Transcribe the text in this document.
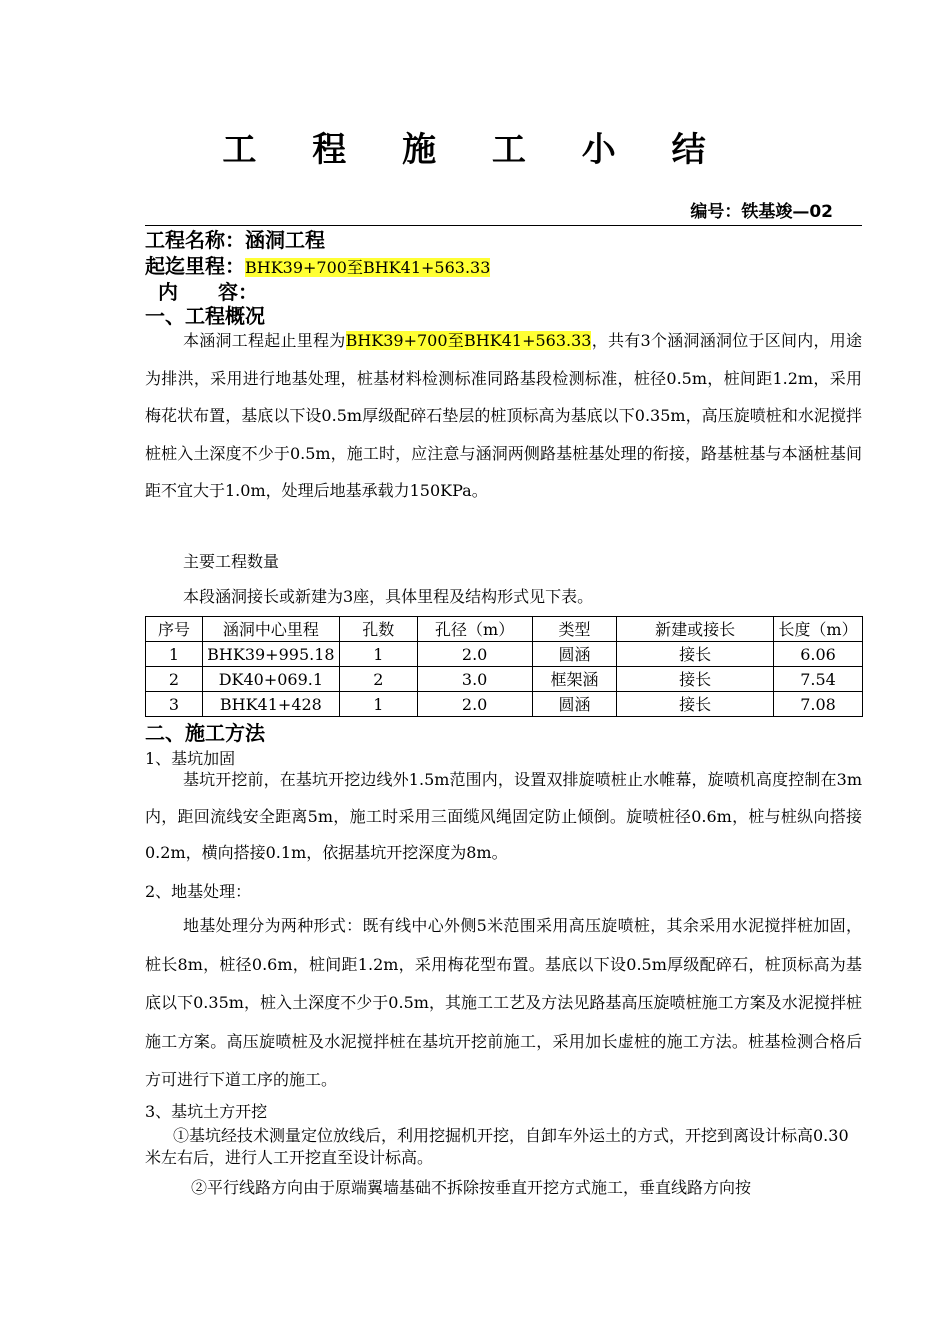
工 程 施 工 小 结
编号：铁基竣—02
工程名称：涵洞工程
起迄里程：BHK39+700至BHK41+563.33
内　　容：
一、工程概况

本涵洞工程起止里程为BHK39+700至BHK41+563.33，共有3个涵洞涵洞位于区间内，用途为排洪，采用进行地基处理，桩基材料检测标准同路基段检测标准，桩径0.5m，桩间距1.2m，采用梅花状布置，基底以下设0.5m厚级配碎石垫层的桩顶标高为基底以下0.35m，高压旋喷桩和水泥搅拌桩桩入土深度不少于0.5m，施工时，应注意与涵洞两侧路基桩基处理的衔接，路基桩基与本涵桩基间距不宜大于1.0m，处理后地基承载力150KPa。

主要工程数量
本段涵洞接长或新建为3座，具体里程及结构形式见下表。
序号	涵洞中心里程	孔数	孔径（m）	类型	新建或接长	长度（m）
1	BHK39+995.18	1	2.0	圆涵	接长	6.06
2	DK40+069.1	2	3.0	框架涵	接长	7.54
3	BHK41+428	1	2.0	圆涵	接长	7.08
二、施工方法
1、基坑加固

基坑开挖前，在基坑开挖边线外1.5m范围内，设置双排旋喷桩止水帷幕，旋喷机高度控制在3m内，距回流线安全距离5m，施工时采用三面缆风绳固定防止倾倒。旋喷桩径0.6m，桩与桩纵向搭接0.2m，横向搭接0.1m，依据基坑开挖深度为8m。

2、地基处理：

地基处理分为两种形式：既有线中心外侧5米范围采用高压旋喷桩，其余采用水泥搅拌桩加固，桩长8m，桩径0.6m，桩间距1.2m，采用梅花型布置。基底以下设0.5m厚级配碎石，桩顶标高为基底以下0.35m，桩入土深度不少于0.5m，其施工工艺及方法见路基高压旋喷桩施工方案及水泥搅拌桩施工方案。高压旋喷桩及水泥搅拌桩在基坑开挖前施工，采用加长虚桩的施工方法。桩基检测合格后方可进行下道工序的施工。

3、基坑土方开挖

①基坑经技术测量定位放线后，利用挖掘机开挖，自卸车外运土的方式，开挖到离设计标高0.30米左右后，进行人工开挖直至设计标高。

②平行线路方向由于原端翼墙基础不拆除按垂直开挖方式施工，垂直线路方向按
